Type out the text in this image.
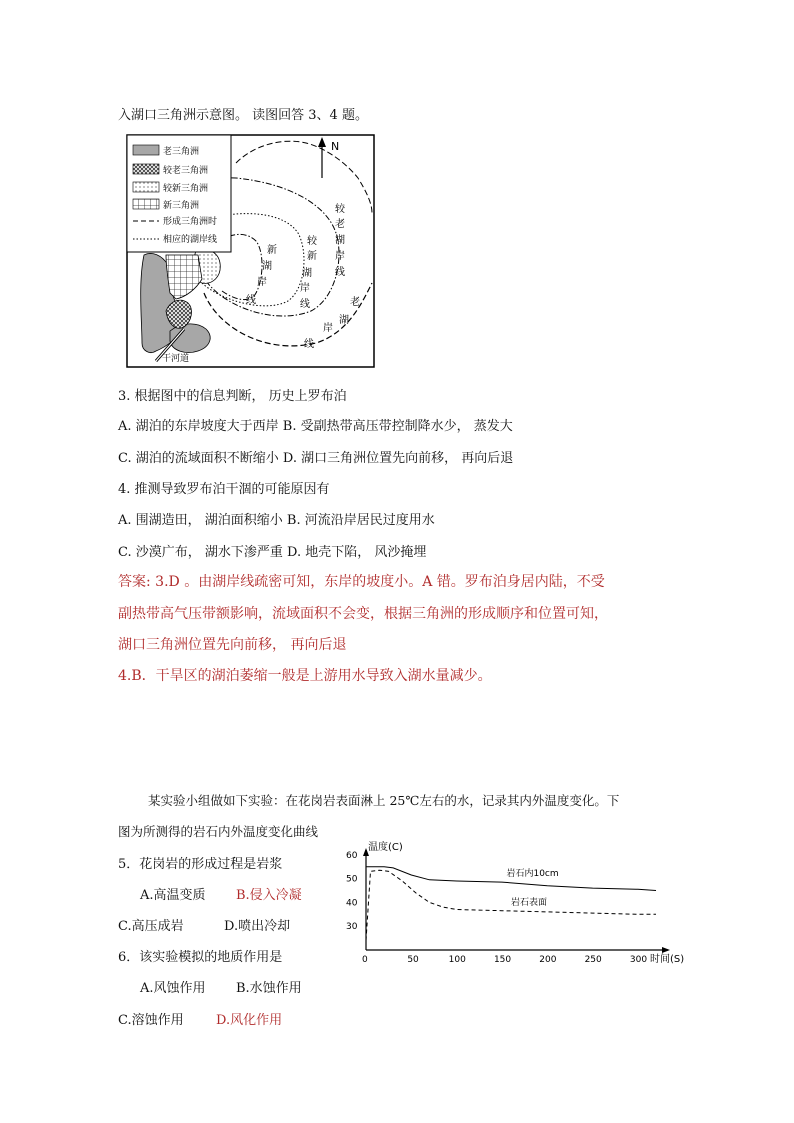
入湖口三角洲示意图。 读图回答 3、4 题。
干河道
N
老三角洲
较老三角洲
较新三角洲
新三角洲
形成三角洲时
相应的湖岸线
新
湖
岸
线
较
新
湖
岸
线
较
老
湖
岸
线
老
湖
岸
线
3. 根据图中的信息判断， 历史上罗布泊
A. 湖泊的东岸坡度大于西岸 B. 受副热带高压带控制降水少， 蒸发大
C. 湖泊的流域面积不断缩小 D. 湖口三角洲位置先向前移， 再向后退
4. 推测导致罗布泊干涸的可能原因有
A. 围湖造田， 湖泊面积缩小 B. 河流沿岸居民过度用水
C. 沙漠广布， 湖水下渗严重 D. 地壳下陷， 风沙掩埋
答案: 3.D 。由湖岸线疏密可知，东岸的坡度小。A 错。罗布泊身居内陆，不受
副热带高气压带额影响，流域面积不会变，根据三角洲的形成顺序和位置可知，
湖口三角洲位置先向前移， 再向后退
4.B．干旱区的湖泊萎缩一般是上游用水导致入湖水量减少。
某实验小组做如下实验：在花岗岩表面淋上 25℃左右的水，记录其内外温度变化。下
图为所测得的岩石内外温度变化曲线
5．花岗岩的形成过程是岩浆
A.高温变质 B.侵入冷凝
C.高压成岩	D.喷出冷却
6．该实验模拟的地质作用是
A.风蚀作用 B.水蚀作用
C.溶蚀作用 D.风化作用
温度(C)
时间(S)
0	50	100	150	200	250	300
30
40
50
60
岩石内10cm
岩石表面
